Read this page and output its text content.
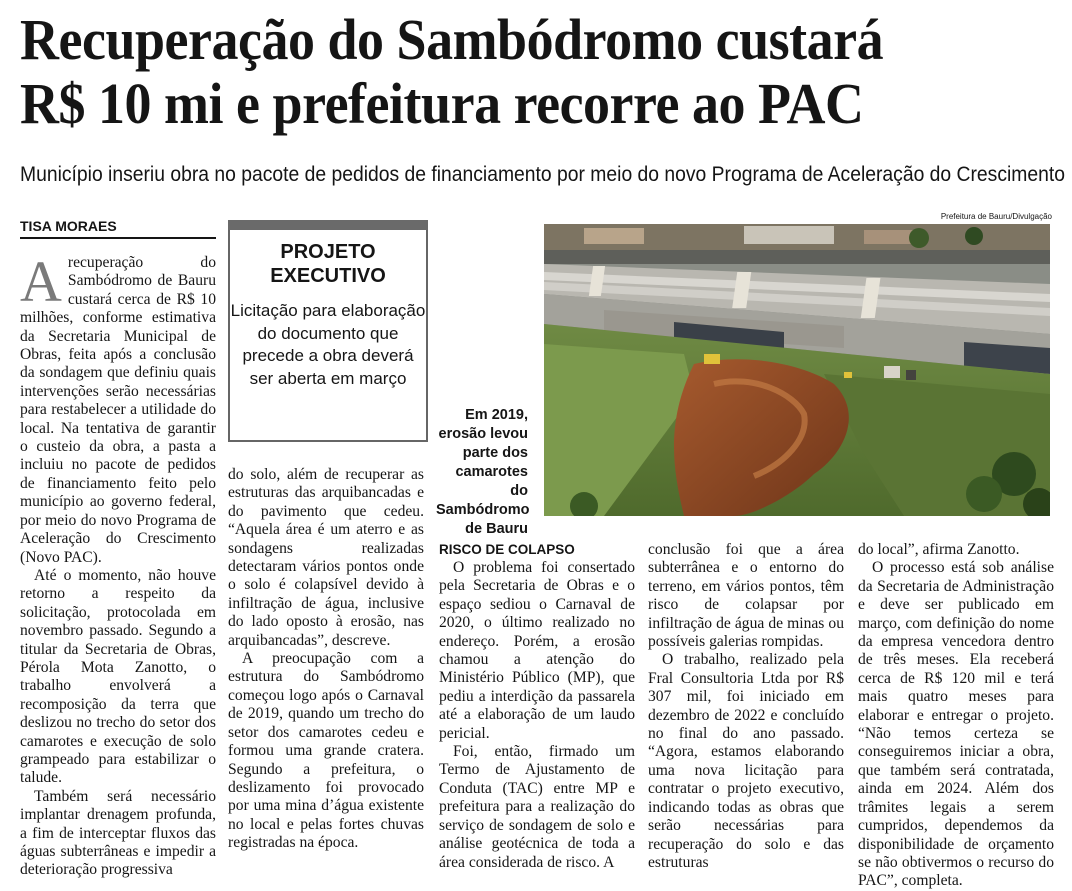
Recuperação do Sambódromo custará
R$ 10 mi e prefeitura recorre ao PAC
Município inseriu obra no pacote de pedidos de financiamento por meio do novo Programa de Aceleração do Crescimento
TISA MORAES
A recuperação do Sambódromo de Bauru custará cerca de R$ 10 milhões, conforme estimativa da Secretaria Municipal de Obras, feita após a conclusão da sondagem que definiu quais intervenções serão necessárias para restabelecer a utilidade do local. Na tentativa de garantir o custeio da obra, a pasta a incluiu no pacote de pedidos de financiamento feito pelo município ao governo federal, por meio do novo Programa de Aceleração do Crescimento (Novo PAC).

Até o momento, não houve retorno a respeito da solicitação, protocolada em novembro passado. Segundo a titular da Secretaria de Obras, Pérola Mota Zanotto, o trabalho envolverá a recomposição da terra que deslizou no trecho do setor dos camarotes e execução de solo grampeado para estabilizar o talude.

Também será necessário implantar drenagem profunda, a fim de interceptar fluxos das águas subterrâneas e impedir a deterioração progressiva

PROJETO EXECUTIVO
Licitação para elaboração do documento que precede a obra deverá ser aberta em março

do solo, além de recuperar as estruturas das arquibancadas e do pavimento que cedeu. “Aquela área é um aterro e as sondagens realizadas detectaram vários pontos onde o solo é colapsível devido à infiltração de água, inclusive do lado oposto à erosão, nas arquibancadas”, descreve.

A preocupação com a estrutura do Sambódromo começou logo após o Carnaval de 2019, quando um trecho do setor dos camarotes cedeu e formou uma grande cratera. Segundo a prefeitura, o deslizamento foi provocado por uma mina d’água existente no local e pelas fortes chuvas registradas na época.

Em 2019, erosão levou parte dos camarotes do Sambódromo de Bauru
Prefeitura de Bauru/Divulgação

RISCO DE COLAPSO

O problema foi consertado pela Secretaria de Obras e o espaço sediou o Carnaval de 2020, o último realizado no endereço. Porém, a erosão chamou a atenção do Ministério Público (MP), que pediu a interdição da passarela até a elaboração de um laudo pericial.

Foi, então, firmado um Termo de Ajustamento de Conduta (TAC) entre MP e prefeitura para a realização do serviço de sondagem de solo e análise geotécnica de toda a área considerada de risco. A

conclusão foi que a área subterrânea e o entorno do terreno, em vários pontos, têm risco de colapsar por infiltração de água de minas ou possíveis galerias rompidas.

O trabalho, realizado pela Fral Consultoria Ltda por R$ 307 mil, foi iniciado em dezembro de 2022 e concluído no final do ano passado. “Agora, estamos elaborando uma nova licitação para contratar o projeto executivo, indicando todas as obras que serão necessárias para recuperação do solo e das estruturas

do local”, afirma Zanotto.

O processo está sob análise da Secretaria de Administração e deve ser publicado em março, com definição do nome da empresa vencedora dentro de três meses. Ela receberá cerca de R$ 120 mil e terá mais quatro meses para elaborar e entregar o projeto. “Não temos certeza se conseguiremos iniciar a obra, que também será contratada, ainda em 2024. Além dos trâmites legais a serem cumpridos, dependemos da disponibilidade de orçamento se não obtivermos o recurso do PAC”, completa.
